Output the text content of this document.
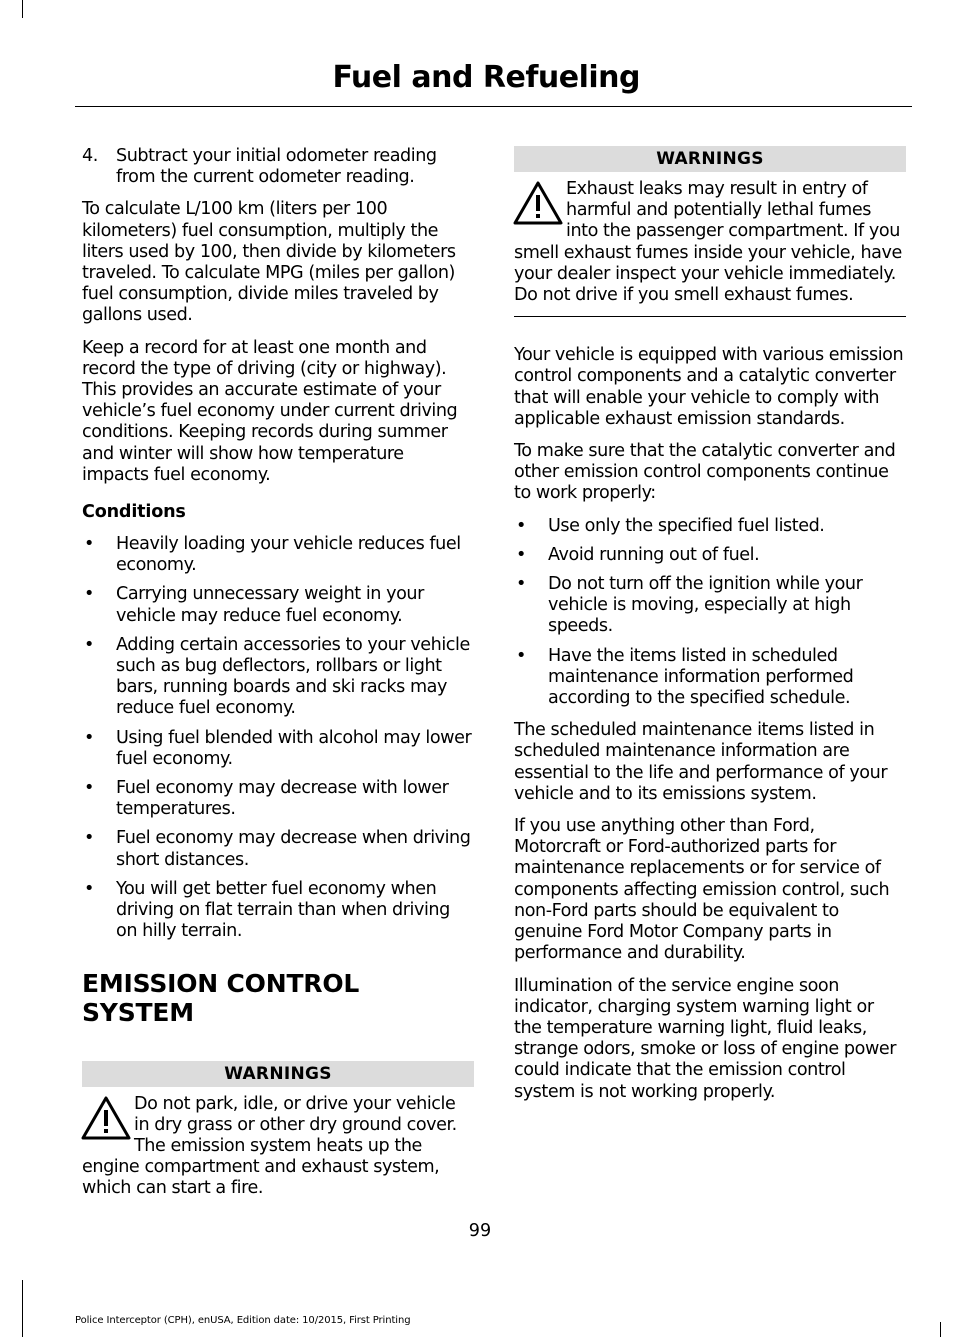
Fuel and Refueling
4.	Subtract your initial odometer reading from the current odometer reading.

To calculate L/100 km (liters per 100 kilometers) fuel consumption, multiply the liters used by 100, then divide by kilometers traveled. To calculate MPG (miles per gallon) fuel consumption, divide miles traveled by gallons used.

Keep a record for at least one month and record the type of driving (city or highway). This provides an accurate estimate of your vehicle’s fuel economy under current driving conditions. Keeping records during summer and winter will show how temperature impacts fuel economy.

Conditions
•	Heavily loading your vehicle reduces fuel economy.
•	Carrying unnecessary weight in your vehicle may reduce fuel economy.
•	Adding certain accessories to your vehicle such as bug deflectors, rollbars or light bars, running boards and ski racks may reduce fuel economy.
•	Using fuel blended with alcohol may lower fuel economy.
•	Fuel economy may decrease with lower temperatures.
•	Fuel economy may decrease when driving short distances.
•	You will get better fuel economy when driving on flat terrain than when driving on hilly terrain.
EMISSION CONTROL SYSTEM
WARNINGS
Do not park, idle, or drive your vehicle in dry grass or other dry ground cover. The emission system heats up the engine compartment and exhaust system, which can start a fire.
WARNINGS
Exhaust leaks may result in entry of harmful and potentially lethal fumes into the passenger compartment. If you smell exhaust fumes inside your vehicle, have your dealer inspect your vehicle immediately. Do not drive if you smell exhaust fumes.

Your vehicle is equipped with various emission control components and a catalytic converter that will enable your vehicle to comply with applicable exhaust emission standards.

To make sure that the catalytic converter and other emission control components continue to work properly:

•	Use only the specified fuel listed.
•	Avoid running out of fuel.
•	Do not turn off the ignition while your vehicle is moving, especially at high speeds.
•	Have the items listed in scheduled maintenance information performed according to the specified schedule.

The scheduled maintenance items listed in scheduled maintenance information are essential to the life and performance of your vehicle and to its emissions system.

If you use anything other than Ford, Motorcraft or Ford-authorized parts for maintenance replacements or for service of components affecting emission control, such non-Ford parts should be equivalent to genuine Ford Motor Company parts in performance and durability.

Illumination of the service engine soon indicator, charging system warning light or the temperature warning light, fluid leaks, strange odors, smoke or loss of engine power could indicate that the emission control system is not working properly.

99
Police Interceptor (CPH), enUSA, Edition date: 10/2015, First Printing
